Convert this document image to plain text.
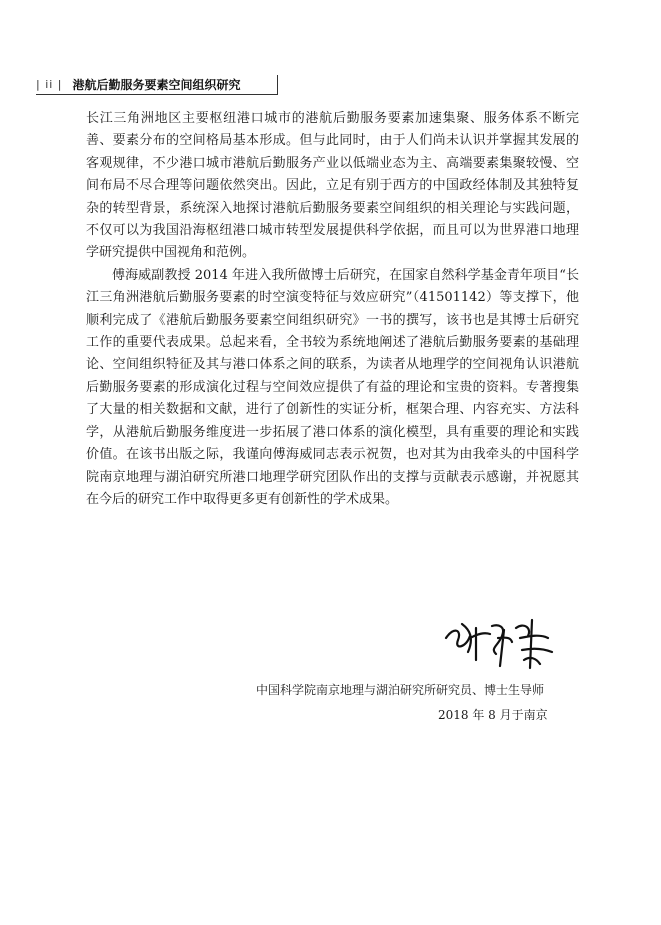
| ii | 港航后勤服务要素空间组织研究

长江三角洲地区主要枢纽港口城市的港航后勤服务要素加速集聚、服务体系不断完善、要素分布的空间格局基本形成。但与此同时，由于人们尚未认识并掌握其发展的客观规律，不少港口城市港航后勤服务产业以低端业态为主、高端要素集聚较慢、空间布局不尽合理等问题依然突出。因此，立足有别于西方的中国政经体制及其独特复杂的转型背景，系统深入地探讨港航后勤服务要素空间组织的相关理论与实践问题，不仅可以为我国沿海枢纽港口城市转型发展提供科学依据，而且可以为世界港口地理学研究提供中国视角和范例。

傅海威副教授 2014 年进入我所做博士后研究，在国家自然科学基金青年项目“长江三角洲港航后勤服务要素的时空演变特征与效应研究”（41501142）等支撑下，他顺利完成了《港航后勤服务要素空间组织研究》一书的撰写，该书也是其博士后研究工作的重要代表成果。总起来看，全书较为系统地阐述了港航后勤服务要素的基础理论、空间组织特征及其与港口体系之间的联系，为读者从地理学的空间视角认识港航后勤服务要素的形成演化过程与空间效应提供了有益的理论和宝贵的资料。专著搜集了大量的相关数据和文献，进行了创新性的实证分析，框架合理、内容充实、方法科学，从港航后勤服务维度进一步拓展了港口体系的演化模型，具有重要的理论和实践价值。在该书出版之际，我谨向傅海威同志表示祝贺，也对其为由我牵头的中国科学院南京地理与湖泊研究所港口地理学研究团队作出的支撑与贡献表示感谢，并祝愿其在今后的研究工作中取得更多更有创新性的学术成果。

中国科学院南京地理与湖泊研究所研究员、博士生导师
2018 年 8 月于南京
